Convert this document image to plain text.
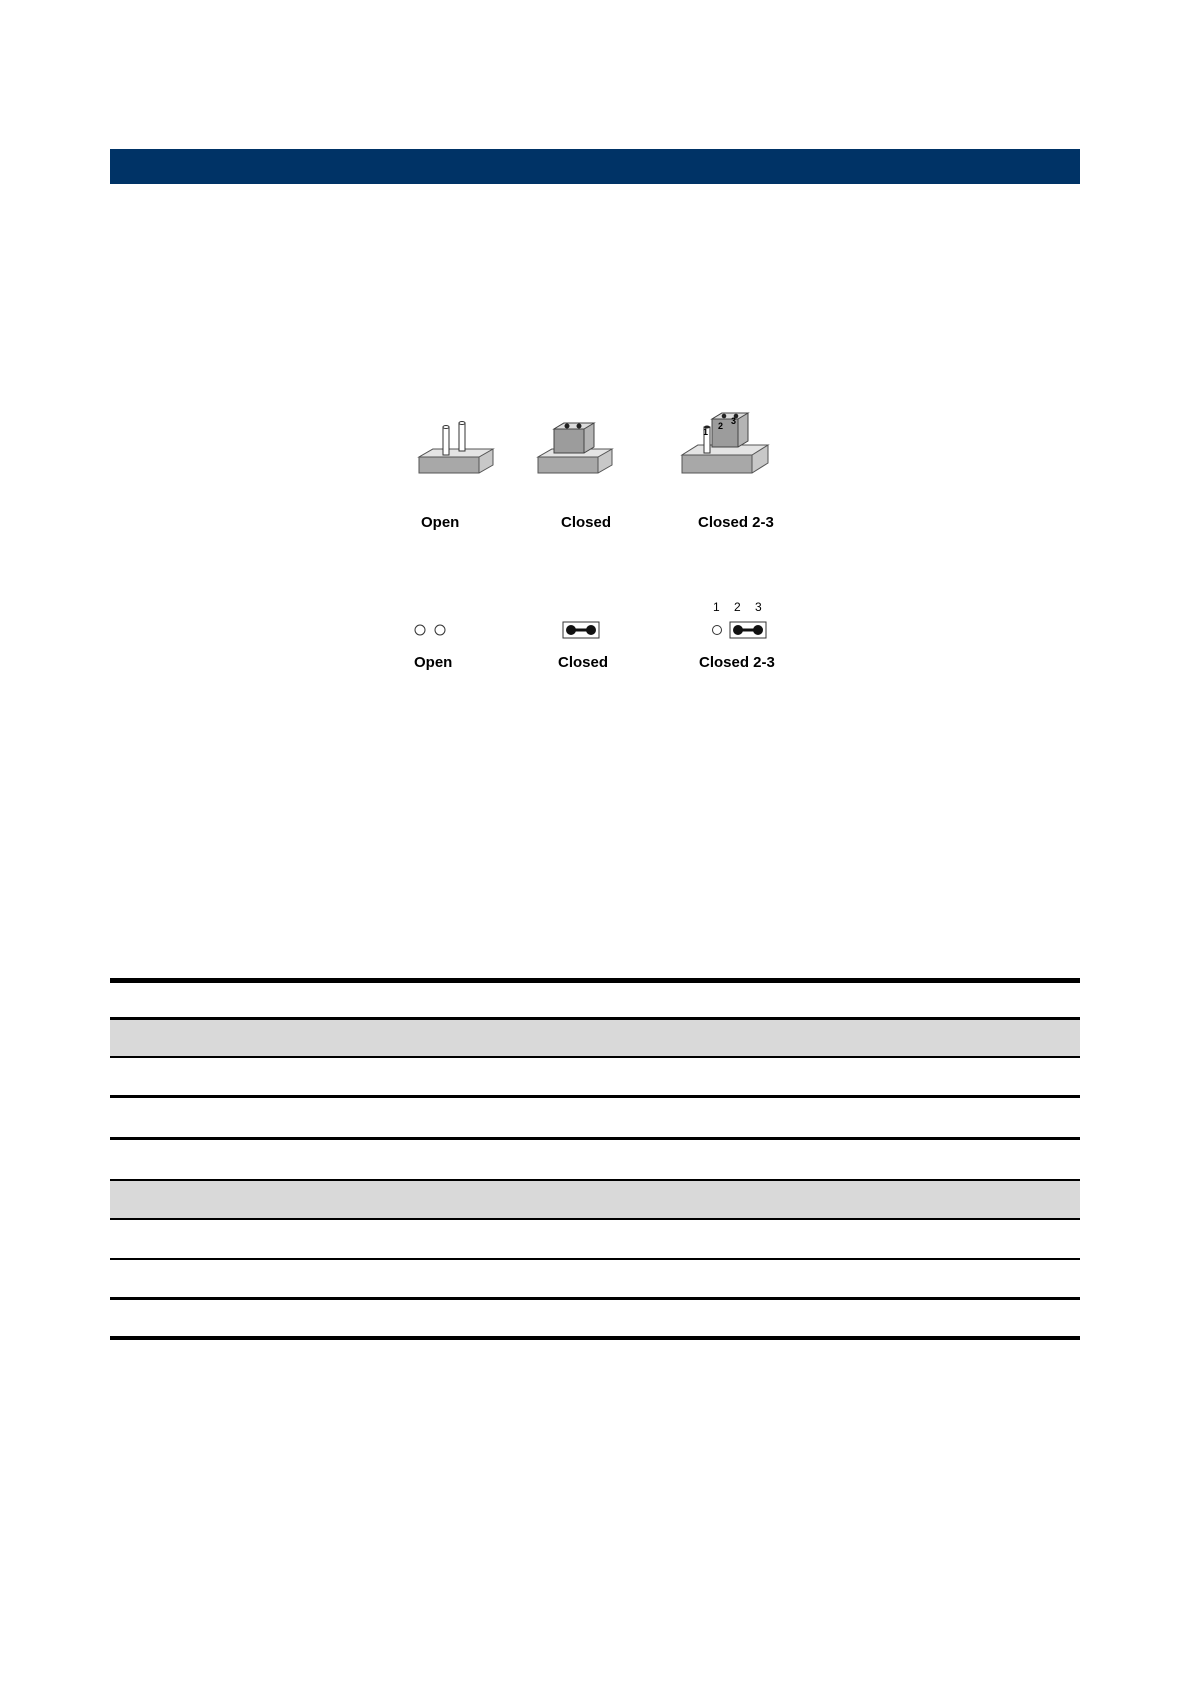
1
2 3
Open	Closed	Closed 2-3
1 2 3
Open	Closed	Closed 2-3
